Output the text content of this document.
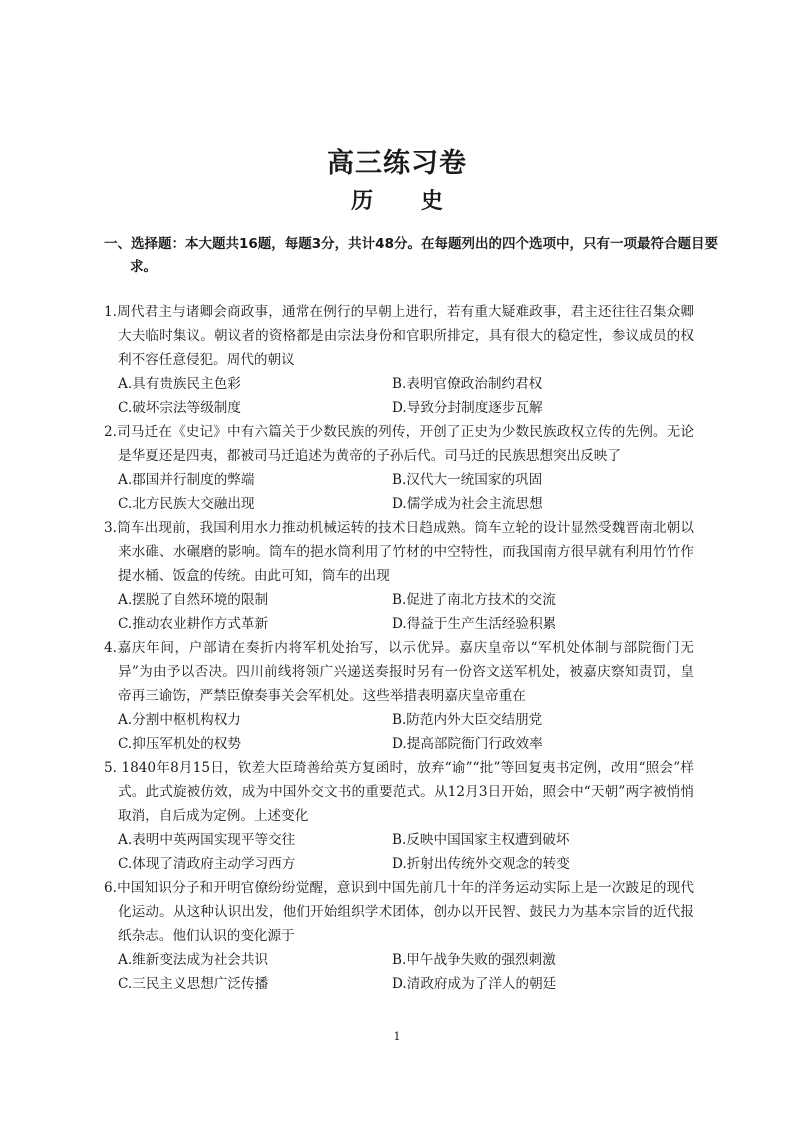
高三练习卷
历 史
一、选择题：本大题共16题，每题3分，共计48分。在每题列出的四个选项中，只有一项最符合题目要求。
1.周代君主与诸卿会商政事，通常在例行的早朝上进行，若有重大疑难政事，君主还往往召集众卿大夫临时集议。朝议者的资格都是由宗法身份和官职所排定，具有很大的稳定性，参议成员的权利不容任意侵犯。周代的朝议
A.具有贵族民主色彩	B.表明官僚政治制约君权
C.破坏宗法等级制度	D.导致分封制度逐步瓦解
2.司马迁在《史记》中有六篇关于少数民族的列传，开创了正史为少数民族政权立传的先例。无论是华夏还是四夷，都被司马迁追述为黄帝的子孙后代。司马迁的民族思想突出反映了
A.郡国并行制度的弊端	B.汉代大一统国家的巩固
C.北方民族大交融出现	D.儒学成为社会主流思想
3.筒车出现前，我国利用水力推动机械运转的技术日趋成熟。筒车立轮的设计显然受魏晋南北朝以来水碓、水碾磨的影响。筒车的挹水筒利用了竹材的中空特性，而我国南方很早就有利用竹竹作提水桶、饭盒的传统。由此可知，筒车的出现
A.摆脱了自然环境的限制	B.促进了南北方技术的交流
C.推动农业耕作方式革新	D.得益于生产生活经验积累
4.嘉庆年间，户部请在奏折内将军机处抬写，以示优异。嘉庆皇帝以“军机处体制与部院衙门无异”为由予以否决。四川前线将领广兴递送奏报时另有一份咨文送军机处，被嘉庆察知责罚，皇帝再三谕饬，严禁臣僚奏事关会军机处。这些举措表明嘉庆皇帝重在
A.分割中枢机构权力	B.防范内外大臣交结朋党
C.抑压军机处的权势	D.提高部院衙门行政效率
5. 1840年8月15日，钦差大臣琦善给英方复函时，放弃“谕”“批”等回复夷书定例，改用“照会”样式。此式旋被仿效，成为中国外交文书的重要范式。从12月3日开始，照会中“天朝”两字被悄悄取消，自后成为定例。上述变化
A.表明中英两国实现平等交往	B.反映中国国家主权遭到破坏
C.体现了清政府主动学习西方	D.折射出传统外交观念的转变
6.中国知识分子和开明官僚纷纷觉醒，意识到中国先前几十年的洋务运动实际上是一次跛足的现代化运动。从这种认识出发，他们开始组织学术团体，创办以开民智、鼓民力为基本宗旨的近代报纸杂志。他们认识的变化源于
A.维新变法成为社会共识	B.甲午战争失败的强烈刺激
C.三民主义思想广泛传播	D.清政府成为了洋人的朝廷
1
